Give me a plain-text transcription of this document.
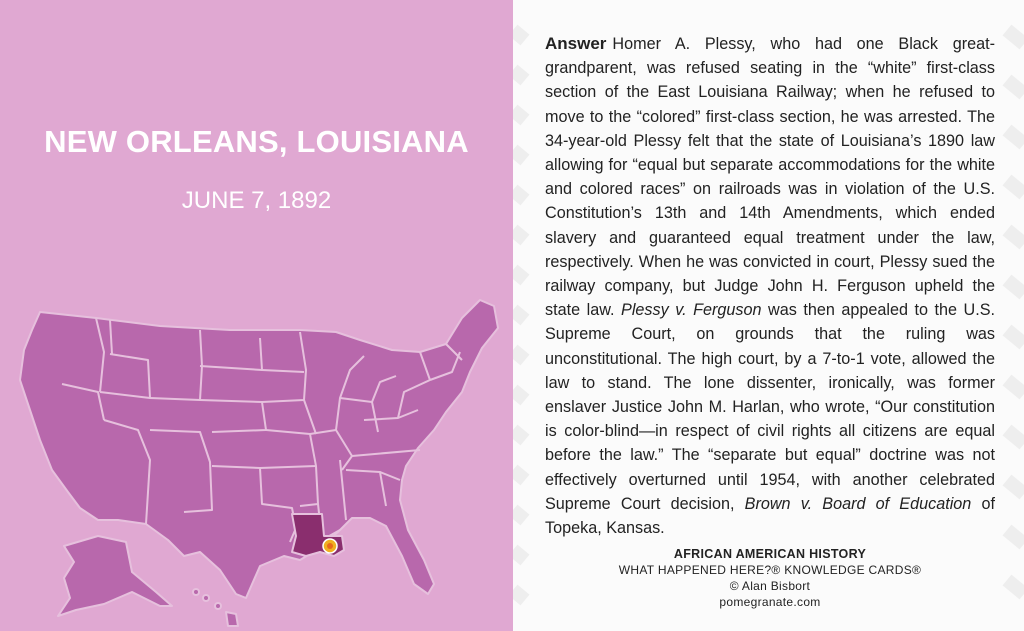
NEW ORLEANS, LOUISIANA
JUNE 7, 1892

Answer Homer A. Plessy, who had one Black great-grandparent, was refused seating in the “white” first-class section of the East Louisiana Railway; when he refused to move to the “colored” first-class section, he was arrested. The 34-year-old Plessy felt that the state of Louisiana’s 1890 law allowing for “equal but separate accommodations for the white and colored races” on railroads was in violation of the U.S. Constitution’s 13th and 14th Amendments, which ended slavery and guaranteed equal treatment under the law, respectively. When he was convicted in court, Plessy sued the railway company, but Judge John H. Ferguson upheld the state law. Plessy v. Ferguson was then appealed to the U.S. Supreme Court, on grounds that the ruling was unconstitutional. The high court, by a 7-to-1 vote, allowed the law to stand. The lone dissenter, ironically, was former enslaver Justice John M. Harlan, who wrote, “Our constitution is color-blind—in respect of civil rights all citizens are equal before the law.” The “separate but equal” doctrine was not effectively overturned until 1954, with another celebrated Supreme Court decision, Brown v. Board of Education of Topeka, Kansas.

AFRICAN AMERICAN HISTORY
WHAT HAPPENED HERE?® KNOWLEDGE CARDS®
© Alan Bisbort
pomegranate.com
